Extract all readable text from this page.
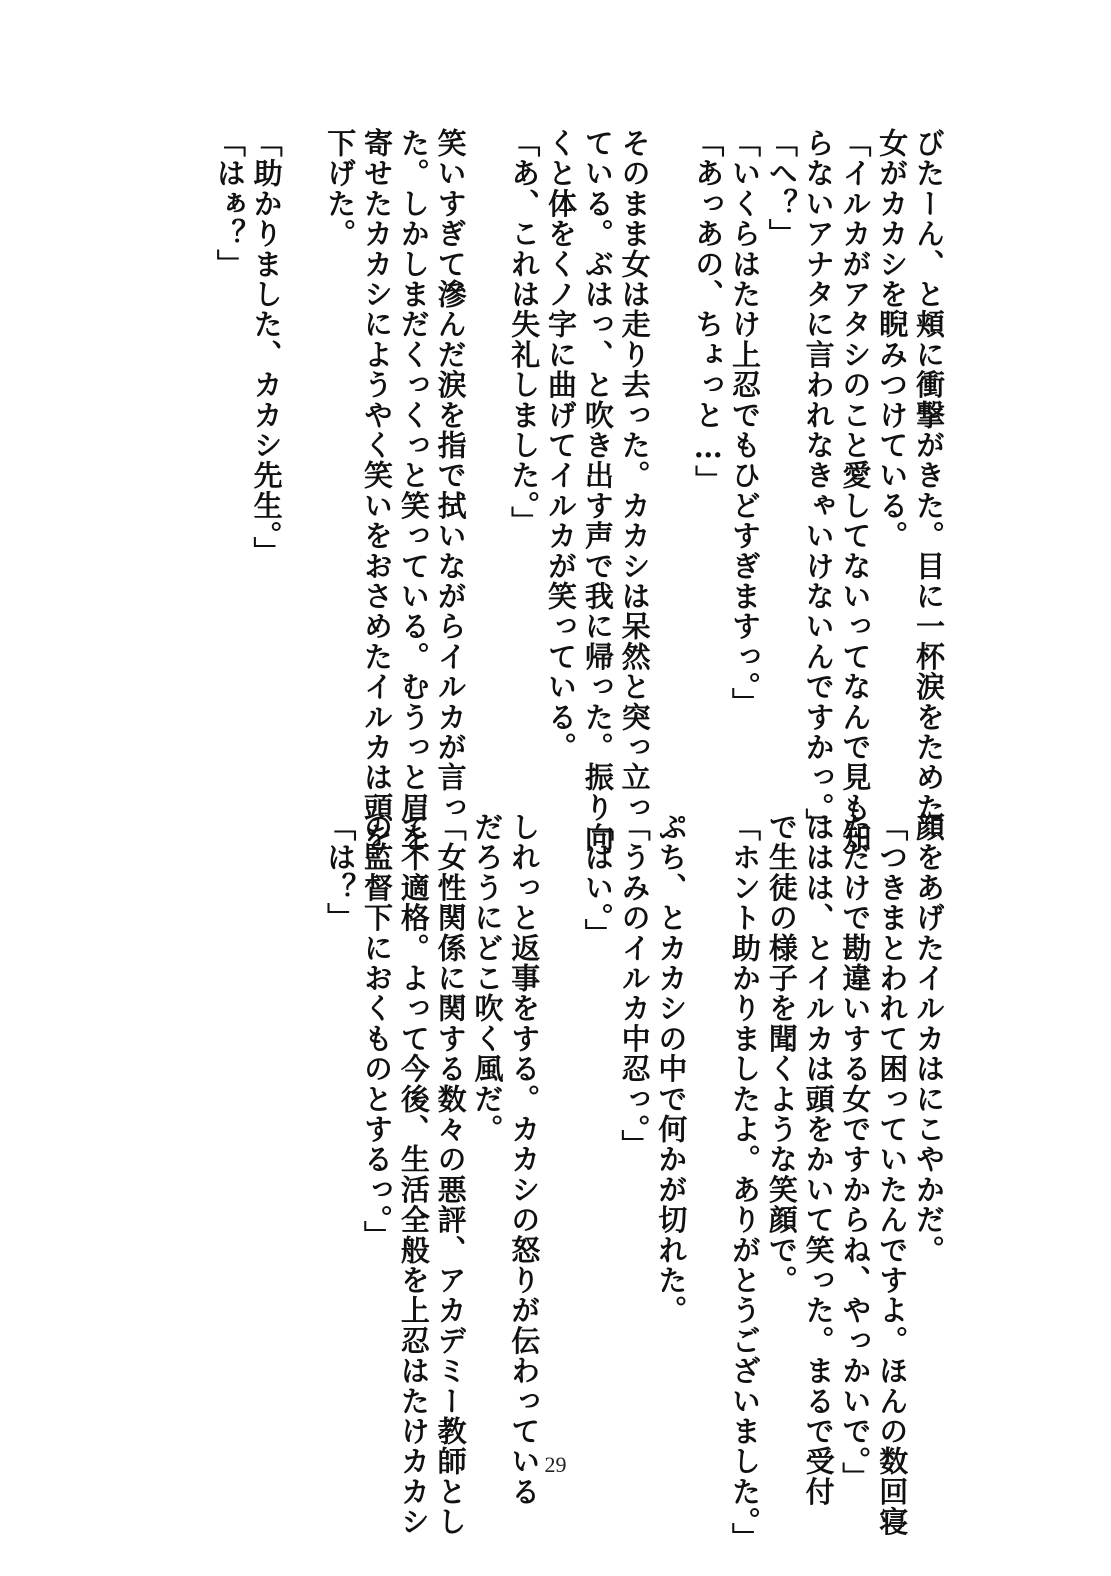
びたーん、と頬に衝撃がきた。目に一杯涙をためた
女がカカシを睨みつけている。
「イルカがアタシのこと愛してないってなんで見も知
らないアナタに言われなきゃいけないんですかっ。」
「へ？」
「いくらはたけ上忍でもひどすぎますっ。」
「あっあの、ちょっと…」
そのまま女は走り去った。カカシは呆然と突っ立っ
ている。ぶはっ、と吹き出す声で我に帰った。振り向
くと体をくノ字に曲げてイルカが笑っている。
「あ、これは失礼しました。」
笑いすぎて滲んだ涙を指で拭いながらイルカが言っ
た。しかしまだくっくっと笑っている。むうっと眉を
寄せたカカシにようやく笑いをおさめたイルカは頭を
下げた。
「助かりました、カカシ先生。」
「はぁ？」
顔をあげたイルカはにこやかだ。
「つきまとわれて困っていたんですよ。ほんの数回寝
ただけで勘違いする女ですからね、やっかいで。」
ははは、とイルカは頭をかいて笑った。まるで受付
で生徒の様子を聞くような笑顔で。
「ホント助かりましたよ。ありがとうございました。」
ぷち、とカカシの中で何かが切れた。
「うみのイルカ中忍っ。」
「はい。」
しれっと返事をする。カカシの怒りが伝わっている
だろうにどこ吹く風だ。
「女性関係に関する数々の悪評、アカデミー教師とし
て不適格。よって今後、生活全般を上忍はたけカカシ
の監督下におくものとするっ。」
「は？」
29
